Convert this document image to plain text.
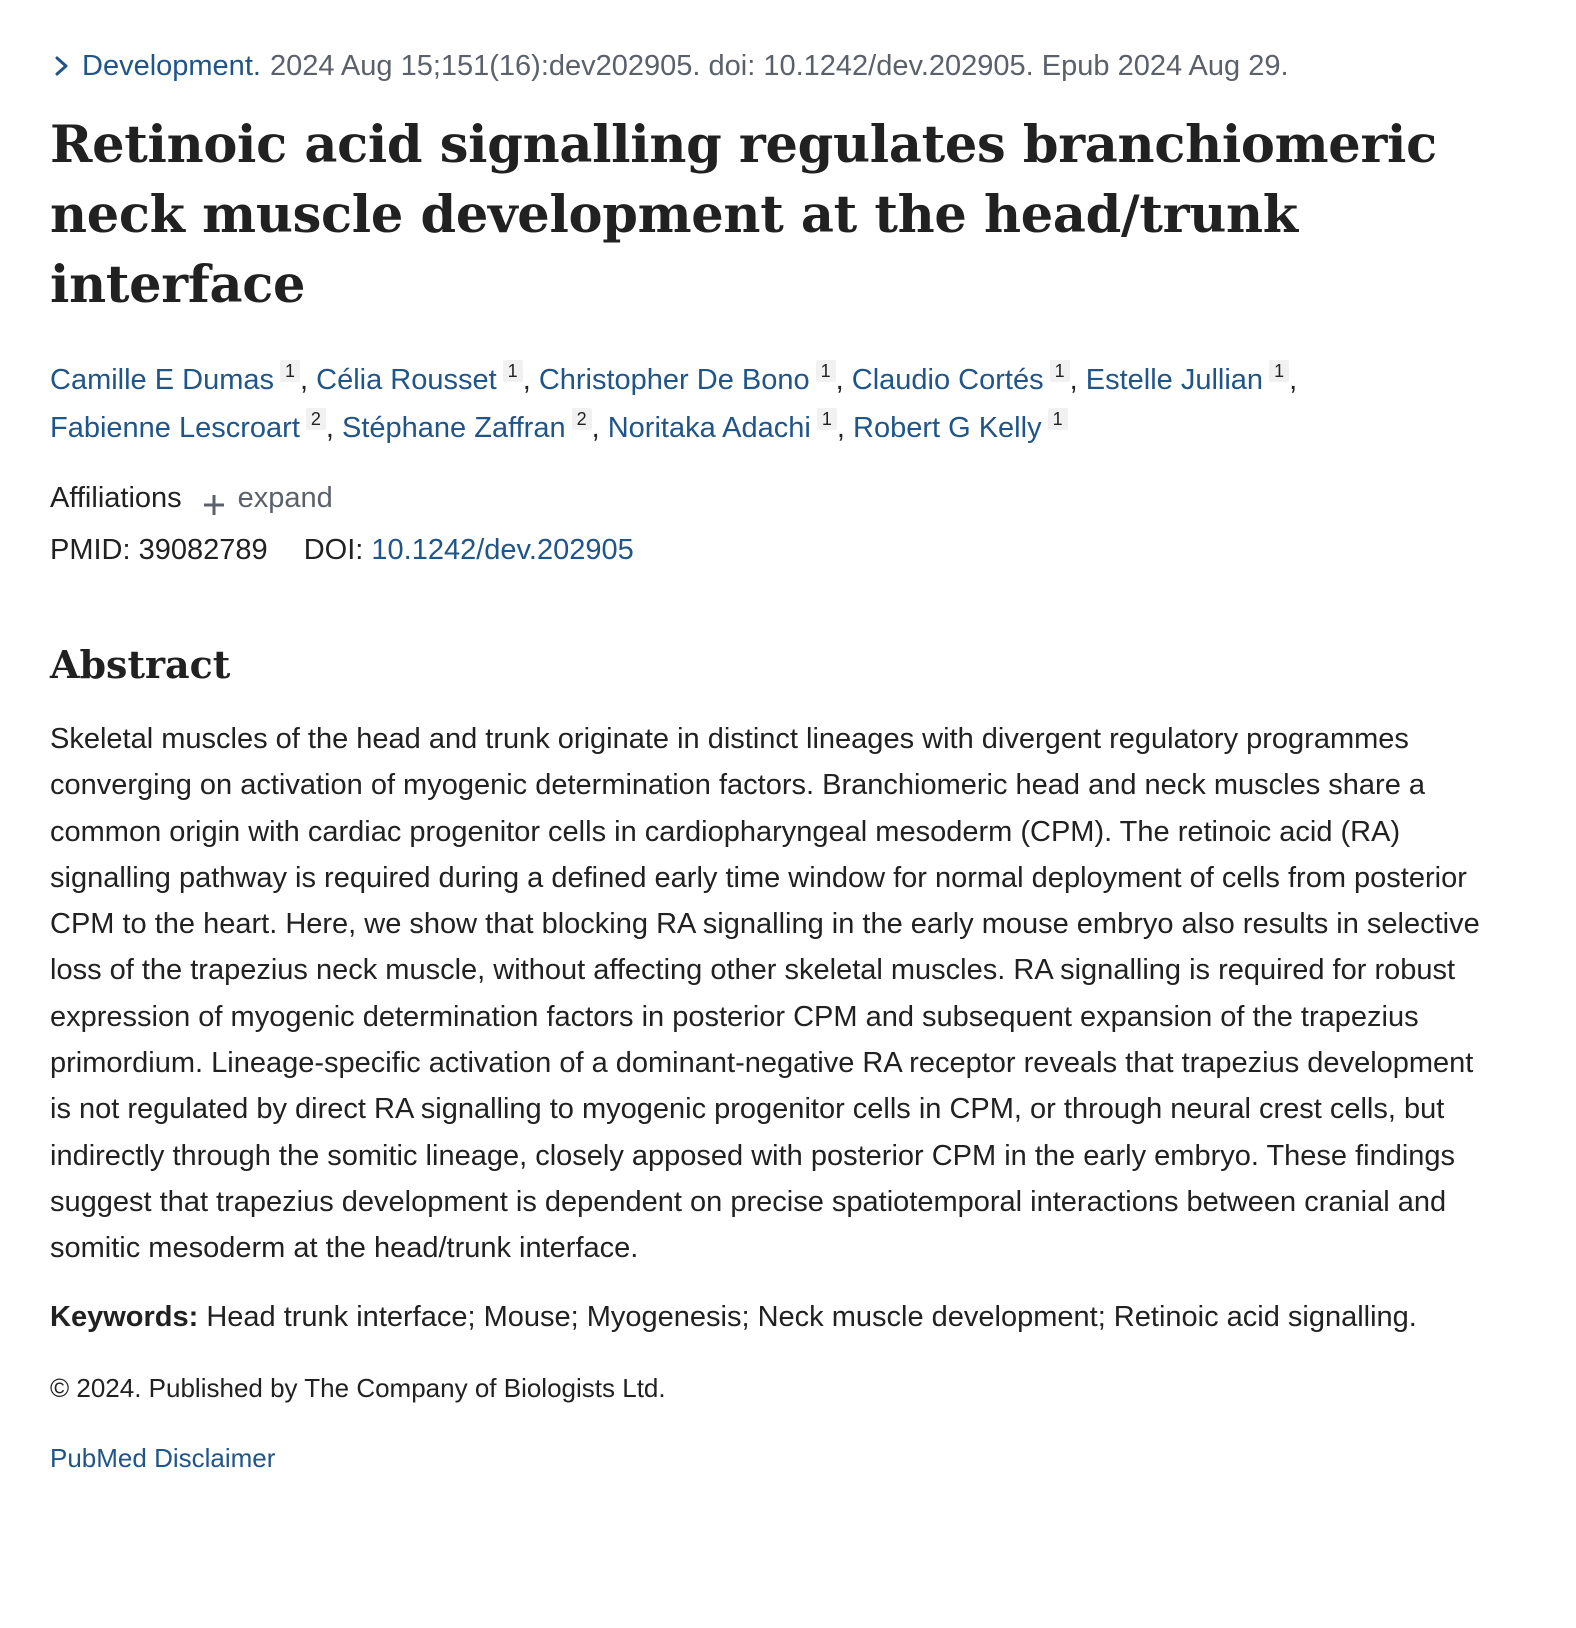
Development. 2024 Aug 15;151(16):dev202905. doi: 10.1242/dev.202905. Epub 2024 Aug 29.
Retinoic acid signalling regulates branchiomeric neck muscle development at the head/trunk interface
Camille E Dumas 1 , Célia Rousset 1 , Christopher De Bono 1 , Claudio Cortés 1 , Estelle Jullian 1 , Fabienne Lescroart 2 , Stéphane Zaffran 2 , Noritaka Adachi 1 , Robert G Kelly 1
Affiliations expand
PMID: 39082789 DOI: 10.1242/dev.202905
Abstract

Skeletal muscles of the head and trunk originate in distinct lineages with divergent regulatory programmes converging on activation of myogenic determination factors. Branchiomeric head and neck muscles share a common origin with cardiac progenitor cells in cardiopharyngeal mesoderm (CPM). The retinoic acid (RA) signalling pathway is required during a defined early time window for normal deployment of cells from posterior CPM to the heart. Here, we show that blocking RA signalling in the early mouse embryo also results in selective loss of the trapezius neck muscle, without affecting other skeletal muscles. RA signalling is required for robust expression of myogenic determination factors in posterior CPM and subsequent expansion of the trapezius primordium. Lineage-specific activation of a dominant-negative RA receptor reveals that trapezius development is not regulated by direct RA signalling to myogenic progenitor cells in CPM, or through neural crest cells, but indirectly through the somitic lineage, closely apposed with posterior CPM in the early embryo. These findings suggest that trapezius development is dependent on precise spatiotemporal interactions between cranial and somitic mesoderm at the head/trunk interface.

Keywords: Head trunk interface; Mouse; Myogenesis; Neck muscle development; Retinoic acid signalling.
© 2024. Published by The Company of Biologists Ltd.
PubMed Disclaimer
